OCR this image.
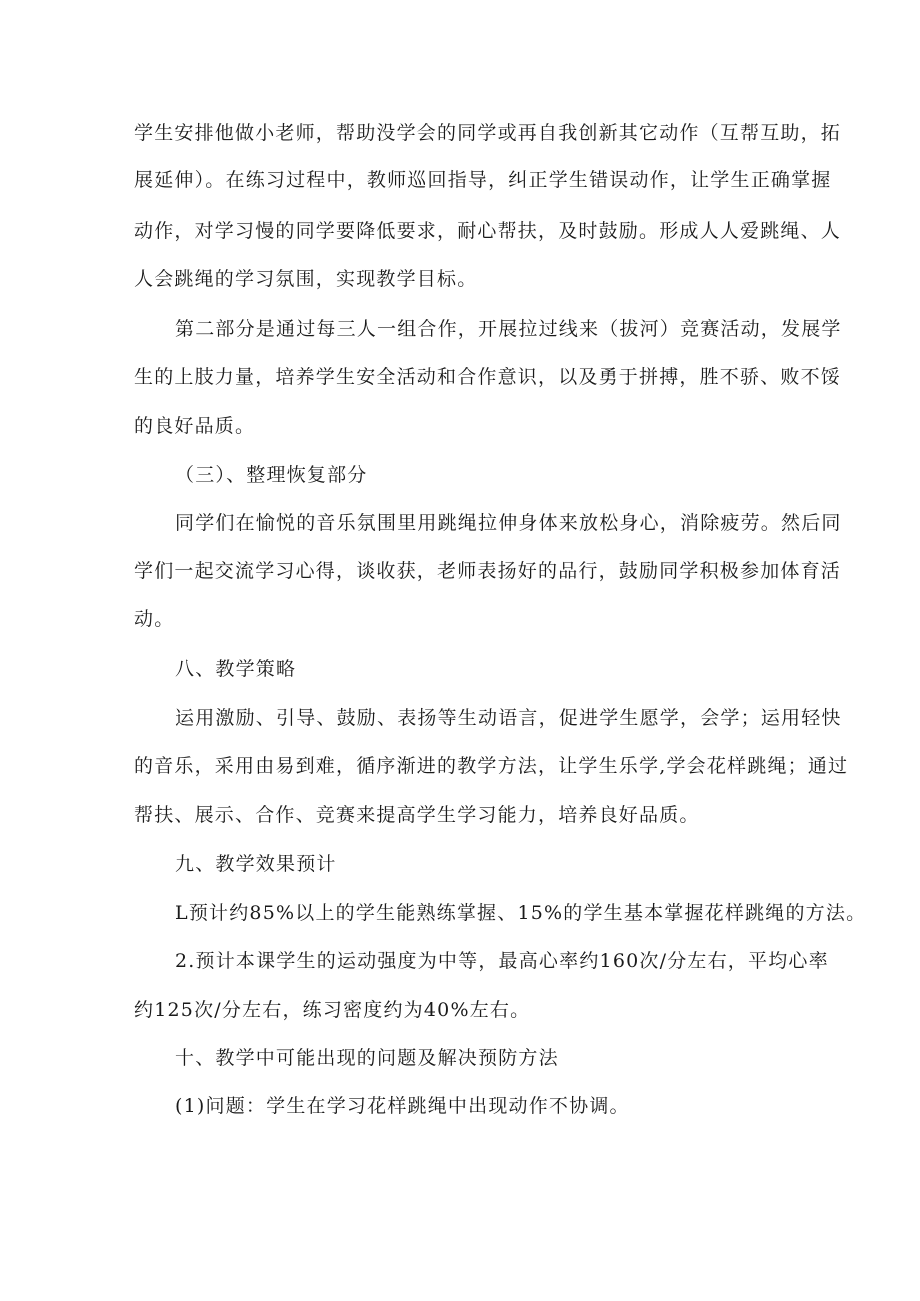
学生安排他做小老师，帮助没学会的同学或再自我创新其它动作（互帮互助，拓
展延伸）。在练习过程中，教师巡回指导，纠正学生错误动作，让学生正确掌握
动作，对学习慢的同学要降低要求，耐心帮扶，及时鼓励。形成人人爱跳绳、人
人会跳绳的学习氛围，实现教学目标。
第二部分是通过每三人一组合作，开展拉过线来（拔河）竞赛活动，发展学
生的上肢力量，培养学生安全活动和合作意识，以及勇于拼搏，胜不骄、败不馁
的良好品质。
（三）、整理恢复部分
同学们在愉悦的音乐氛围里用跳绳拉伸身体来放松身心，消除疲劳。然后同
学们一起交流学习心得，谈收获，老师表扬好的品行，鼓励同学积极参加体育活
动。
八、教学策略
运用激励、引导、鼓励、表扬等生动语言，促进学生愿学，会学；运用轻快
的音乐，采用由易到难，循序渐进的教学方法，让学生乐学,学会花样跳绳；通过
帮扶、展示、合作、竞赛来提高学生学习能力，培养良好品质。
九、教学效果预计
L预计约85%以上的学生能熟练掌握、15%的学生基本掌握花样跳绳的方法。
2.预计本课学生的运动强度为中等，最高心率约160次/分左右，平均心率
约125次/分左右，练习密度约为40%左右。
十、教学中可能出现的问题及解决预防方法
(1)问题：学生在学习花样跳绳中出现动作不协调。
